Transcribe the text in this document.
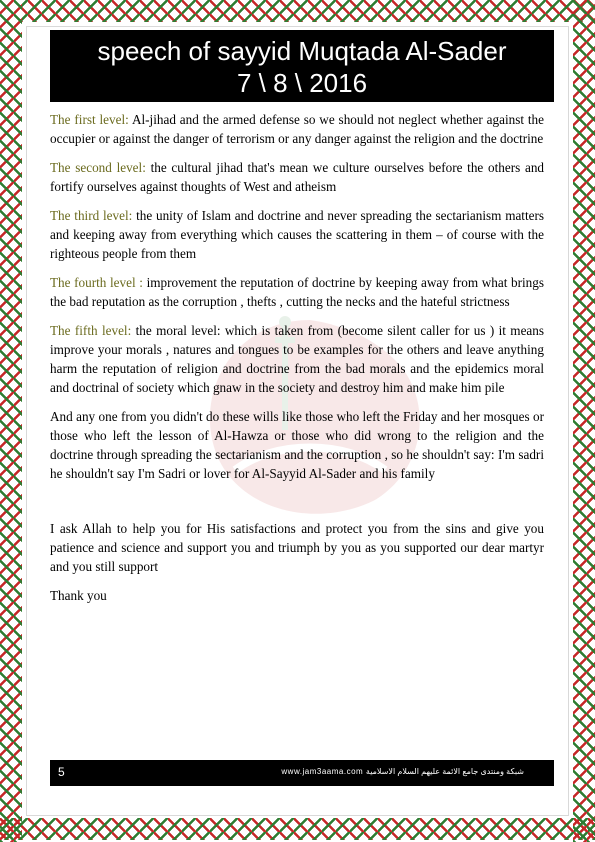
speech of sayyid Muqtada Al-Sader
7 \ 8 \ 2016

The first level: Al-jihad and the armed defense so we should not neglect whether against the occupier or against the danger of terrorism or any danger against the religion and the doctrine

The second level: the cultural jihad that's mean we culture ourselves before the others and fortify ourselves against thoughts of West and atheism

The third level: the unity of Islam and doctrine and never spreading the sectarianism matters and keeping away from everything which causes the scattering in them – of course with the righteous people from them

The fourth level : improvement the reputation of doctrine by keeping away from what brings the bad reputation as the corruption , thefts , cutting the necks and the hateful strictness

The fifth level: the moral level: which is taken from (become silent caller for us ) it means improve your morals , natures and tongues to be examples for the others and leave anything harm the reputation of religion and doctrine from the bad morals and the epidemics moral and doctrinal of society which gnaw in the society and destroy him and make him pile

And any one from you didn't do these wills like those who left the Friday and her mosques or those who left the lesson of Al-Hawza or those who did wrong to the religion and the doctrine through spreading the sectarianism and the corruption , so he shouldn't say: I'm sadri he shouldn't say I'm Sadri or lover for Al-Sayyid Al-Sader and his family

I ask Allah to help you for His satisfactions and protect you from the sins and give you patience and science and support you and triumph by you as you supported our dear martyr and you still support

Thank you

5	www.jam3aama.com شبكة ومنتدى جامع الائمة عليهم السلام الاسلامية
